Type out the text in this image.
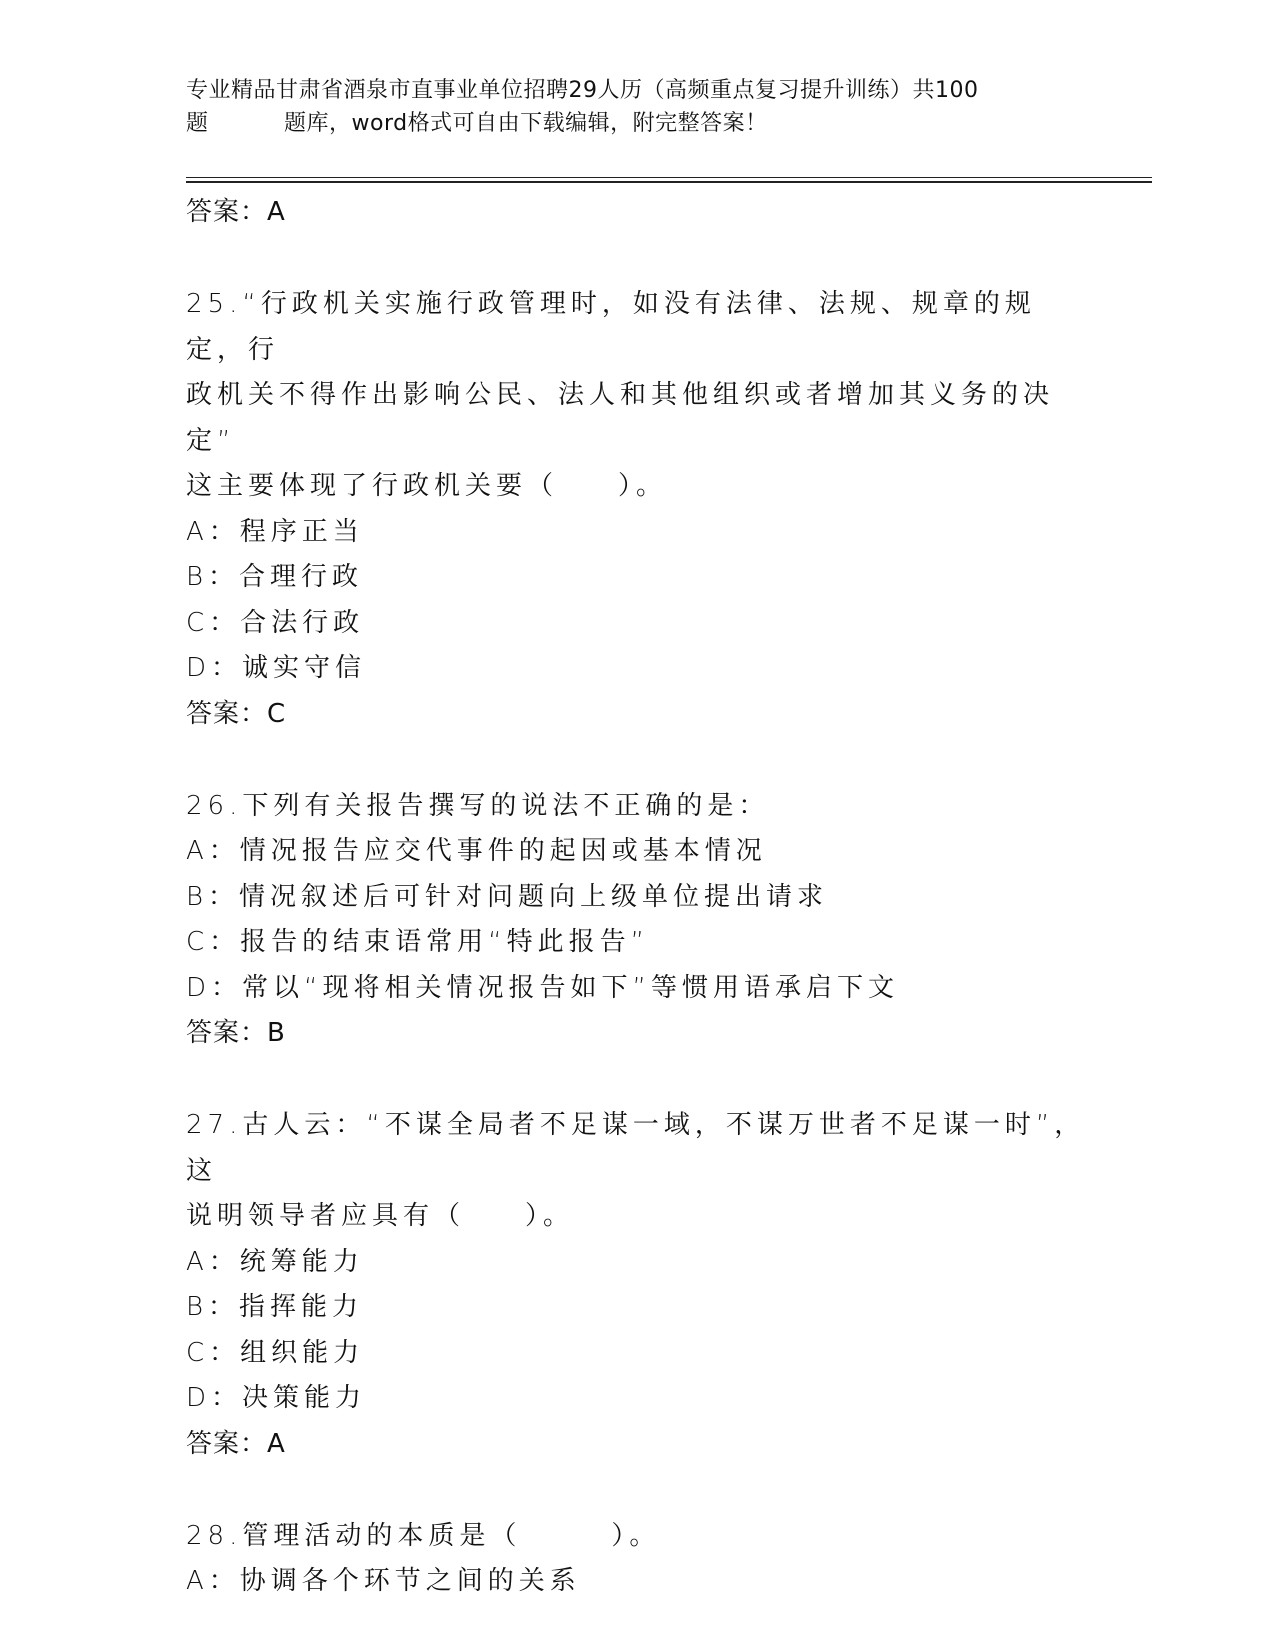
专业精品甘肃省酒泉市直事业单位招聘29人历（高频重点复习提升训练）共100
题	题库，word格式可自由下载编辑，附完整答案！
答案：A
25.“行政机关实施行政管理时，如没有法律、法规、规章的规定，行
政机关不得作出影响公民、法人和其他组织或者增加其义务的决定”
这主要体现了行政机关要（ ）。
A：程序正当
B：合理行政
C：合法行政
D：诚实守信
答案：C
26.下列有关报告撰写的说法不正确的是：
A：情况报告应交代事件的起因或基本情况
B：情况叙述后可针对问题向上级单位提出请求
C：报告的结束语常用“特此报告”
D：常以“现将相关情况报告如下”等惯用语承启下文
答案：B
27.古人云：“不谋全局者不足谋一域，不谋万世者不足谋一时”，这
说明领导者应具有（ ）。
A：统筹能力
B：指挥能力
C：组织能力
D：决策能力
答案：A
28.管理活动的本质是（	）。
A：协调各个环节之间的关系
